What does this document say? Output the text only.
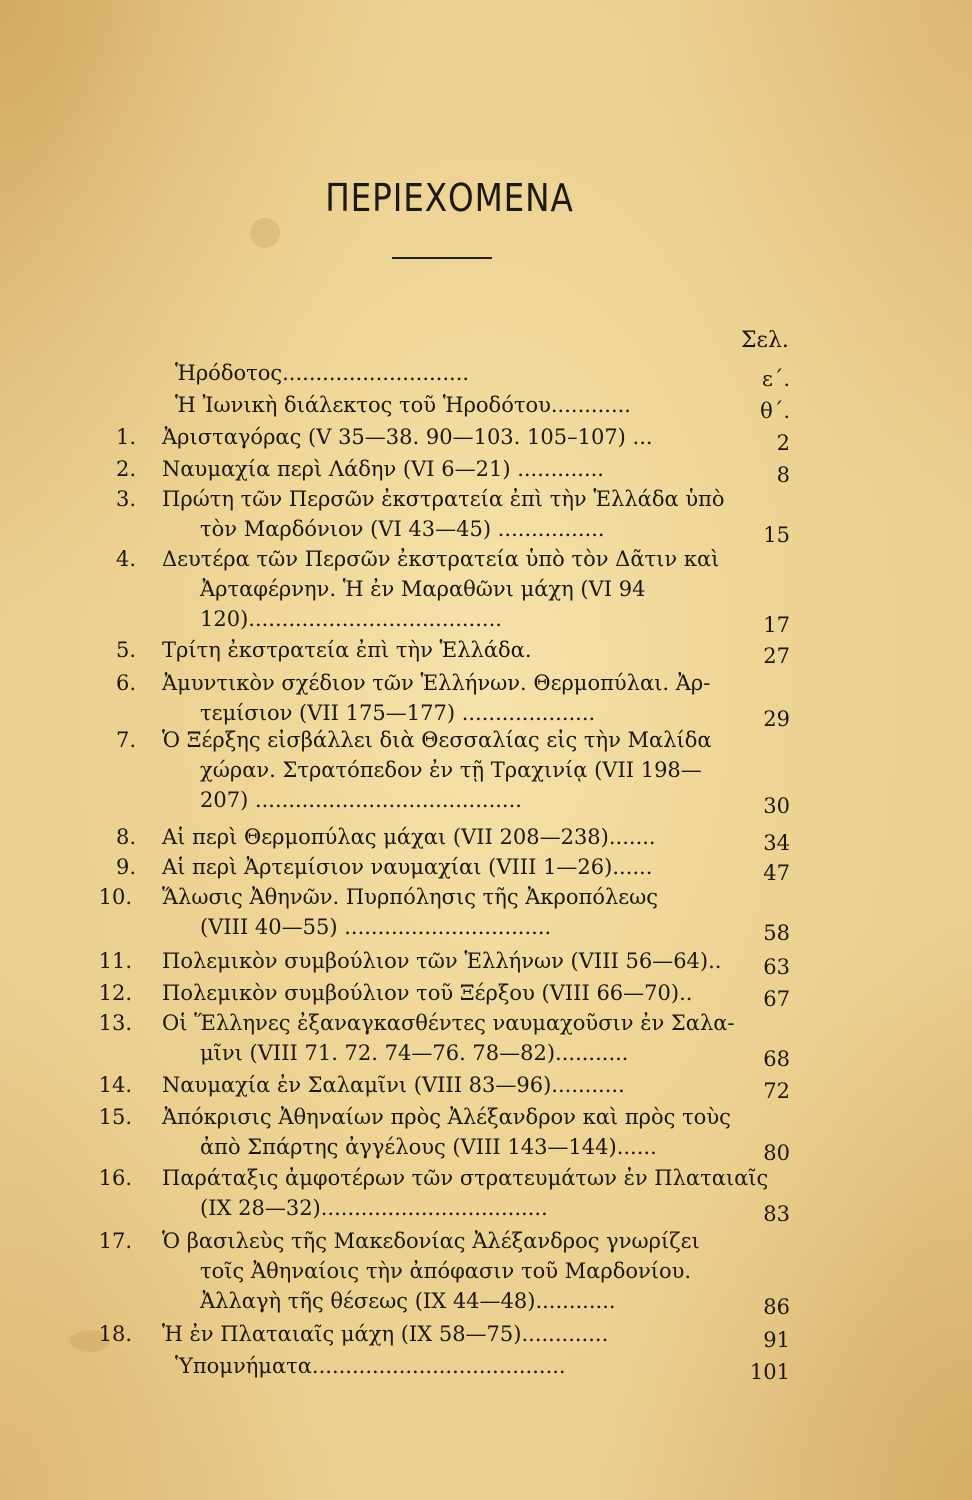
ΠΕΡΙΕΧΟΜΕΝΑ
Σελ.
Ἡρόδοτος............................	ε΄.
Ἡ Ἰωνικὴ διάλεκτος τοῦ Ἡροδότου............	θ΄.
1. Ἀρισταγόρας (V 35—38. 90—103. 105–107) ...	2
2. Ναυμαχία περὶ Λάδην (VI 6—21) .............	8
3. Πρώτη τῶν Περσῶν ἐκστρατεία ἐπὶ τὴν Ἑλλάδα ὑπὸ
τὸν Μαρδόνιον (VI 43—45) ................	15
4. Δευτέρα τῶν Περσῶν ἐκστρατεία ὑπὸ τὸν Δᾶτιν καὶ
Ἀρταφέρνην. Ἡ ἐν Μαραθῶνι μάχη (VI 94
120)......................................	17
5. Τρίτη ἐκστρατεία ἐπὶ τὴν Ἑλλάδα.	27
6. Ἀμυντικὸν σχέδιον τῶν Ἑλλήνων. Θερμοπύλαι. Ἀρ-
τεμίσιον (VII 175—177) ....................	29
7. Ὁ Ξέρξης εἰσβάλλει διὰ Θεσσαλίας εἰς τὴν Μαλίδα
χώραν. Στρατόπεδον ἐν τῇ Τραχινίᾳ (VII 198—
207) ........................................	30
8. Αἱ περὶ Θερμοπύλας μάχαι (VII 208—238).......	34
9. Αἱ περὶ Ἀρτεμίσιον ναυμαχίαι (VIII 1—26)......	47
10. Ἅλωσις Ἀθηνῶν. Πυρπόλησις τῆς Ἀκροπόλεως
(VIII 40—55) ...............................	58
11. Πολεμικὸν συμβούλιον τῶν Ἑλλήνων (VIII 56—64)..	63
12. Πολεμικὸν συμβούλιον τοῦ Ξέρξου (VIII 66—70)..	67
13. Οἱ Ἕλληνες ἐξαναγκασθέντες ναυμαχοῦσιν ἐν Σαλα-
μῖνι (VIII 71. 72. 74—76. 78—82)...........	68
14. Ναυμαχία ἐν Σαλαμῖνι (VIII 83—96)...........	72
15. Ἀπόκρισις Ἀθηναίων πρὸς Ἀλέξανδρον καὶ πρὸς τοὺς
ἀπὸ Σπάρτης ἀγγέλους (VIII 143—144)......	80
16. Παράταξις ἀμφοτέρων τῶν στρατευμάτων ἐν Πλαταιαῖς
(IX 28—32)..................................	83
17. Ὁ βασιλεὺς τῆς Μακεδονίας Ἀλέξανδρος γνωρίζει
τοῖς Ἀθηναίοις τὴν ἀπόφασιν τοῦ Μαρδονίου.
Ἀλλαγὴ τῆς θέσεως (IX 44—48)............	86
18. Ἡ ἐν Πλαταιαῖς μάχη (IX 58—75).............	91
Ὑπομνήματα......................................	101
